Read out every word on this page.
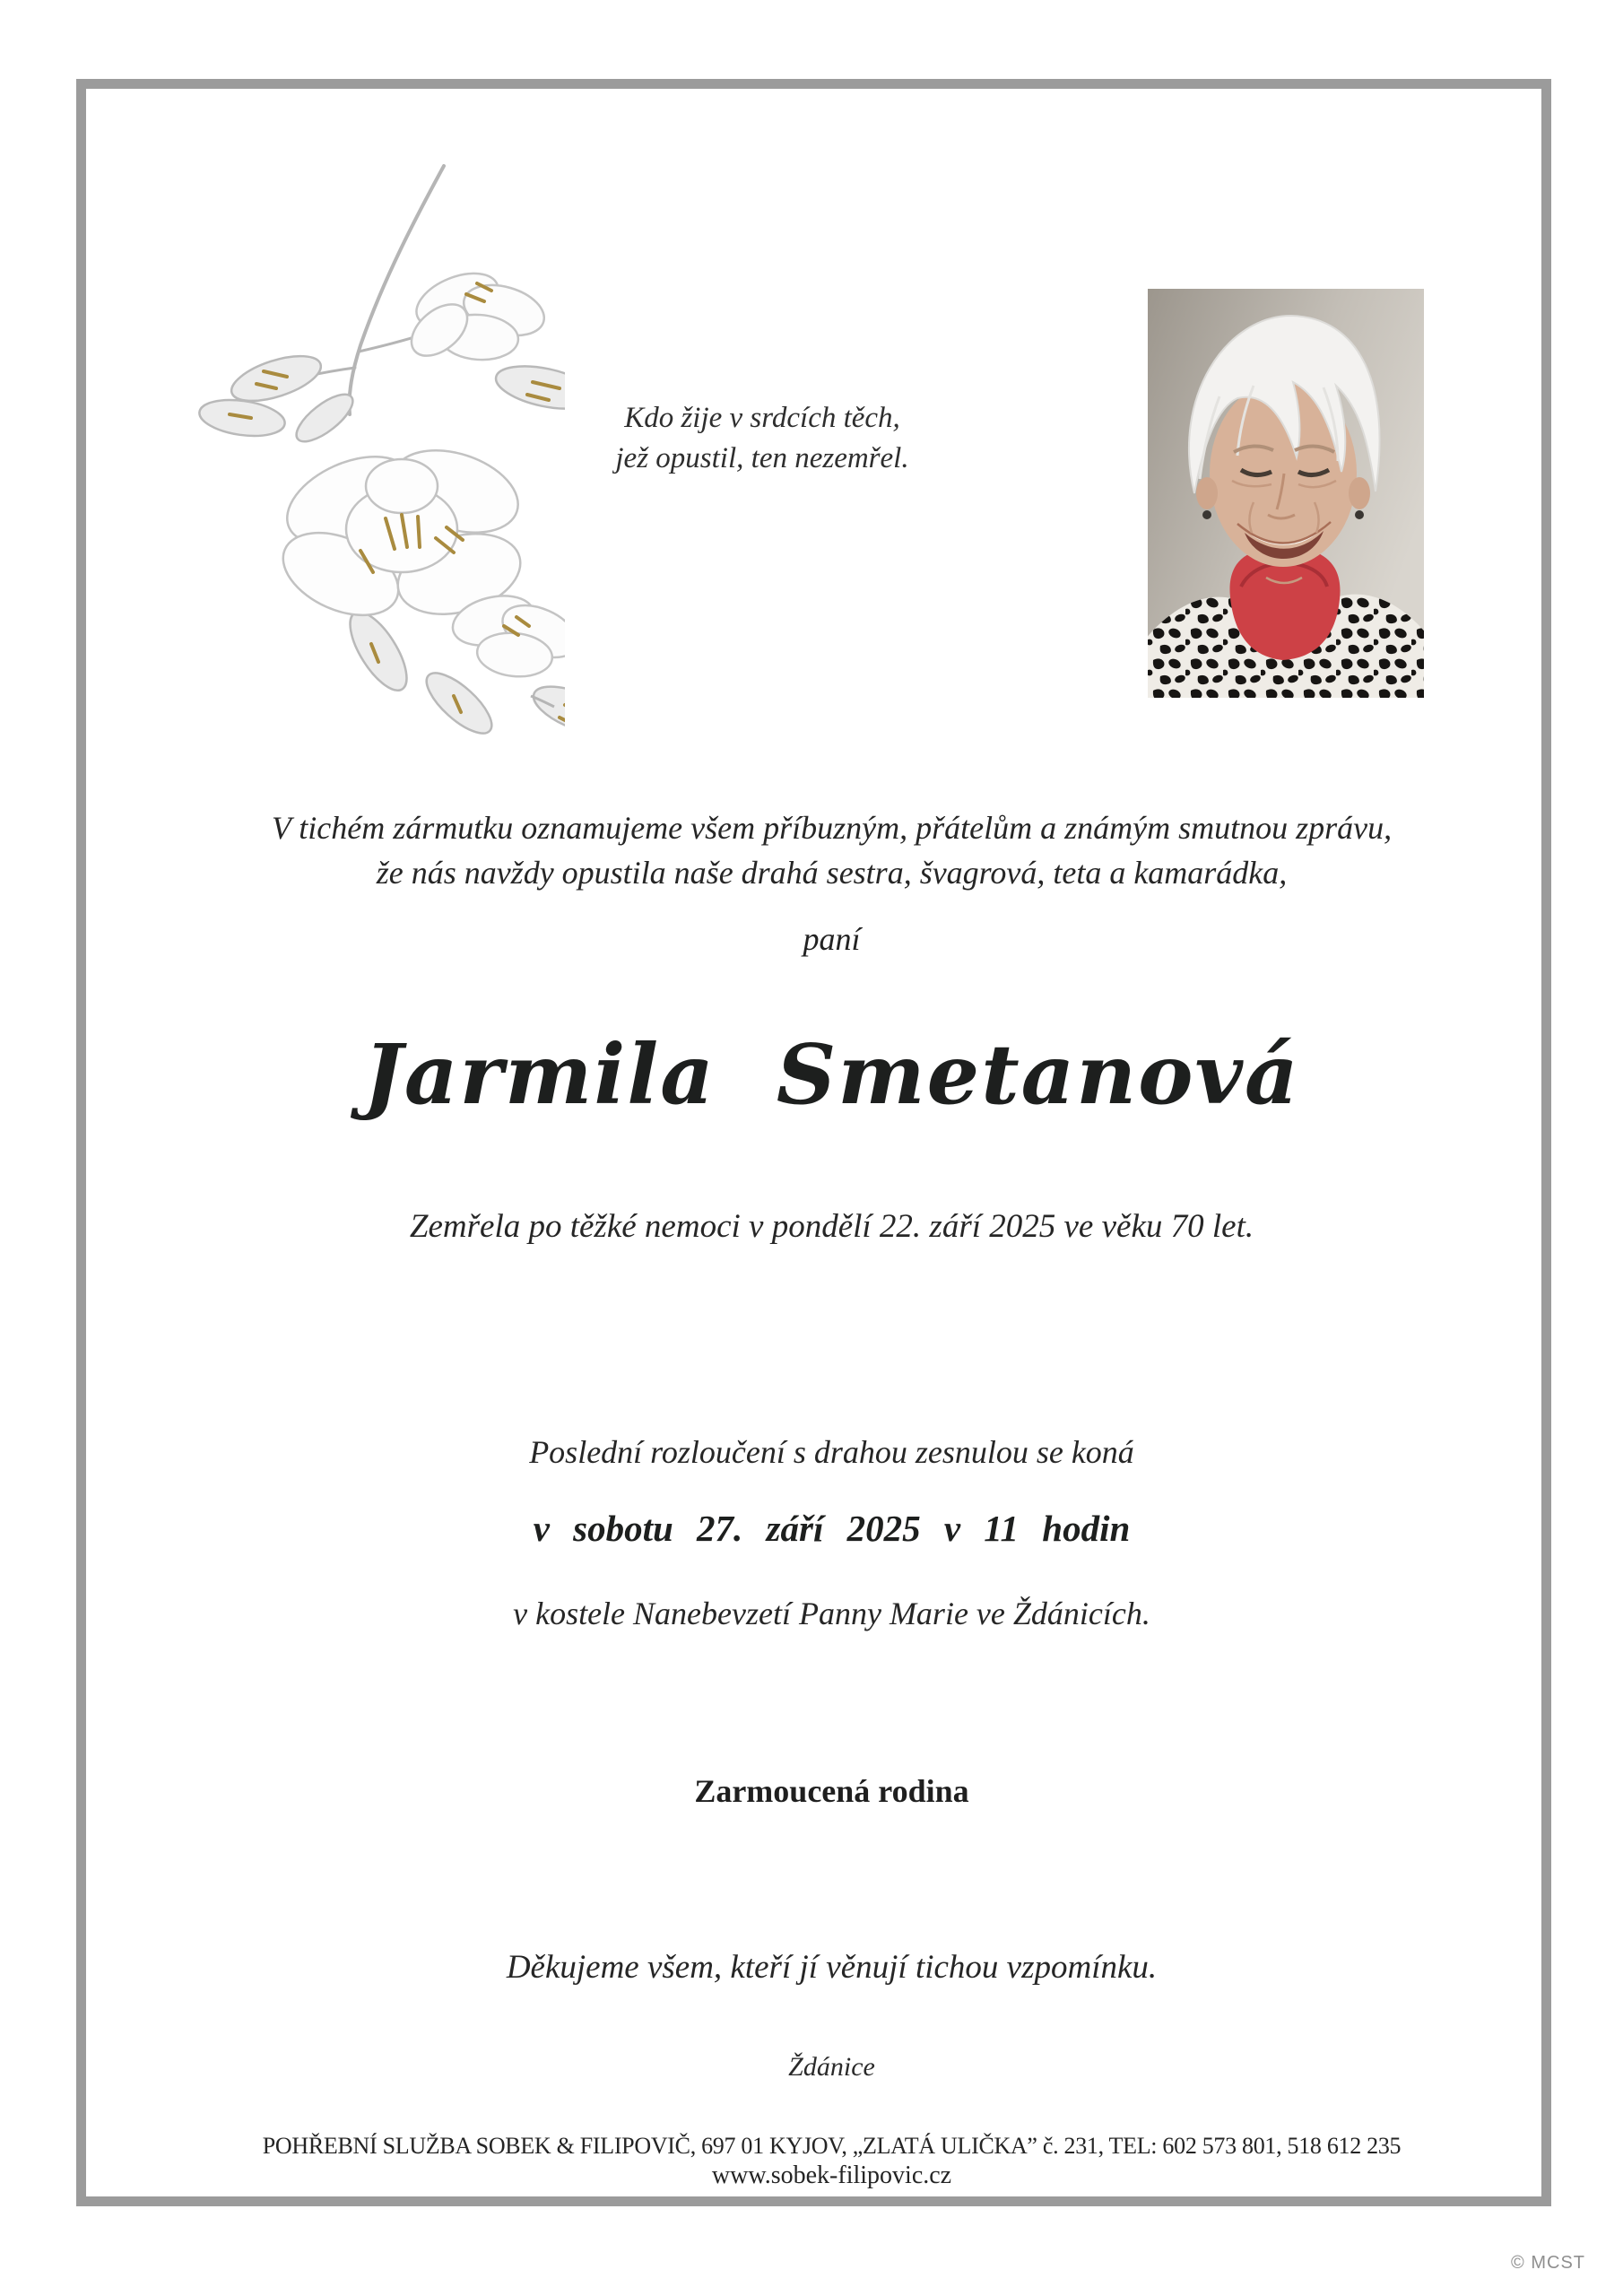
Kdo žije v srdcích těch,
jež opustil, ten nezemřel.
V tichém zármutku oznamujeme všem příbuzným, přátelům a známým smutnou zprávu,
že nás navždy opustila naše drahá sestra, švagrová, teta a kamarádka,
paní
Jarmila Smetanová
Zemřela po těžké nemoci v pondělí 22. září 2025 ve věku 70 let.
Poslední rozloučení s drahou zesnulou se koná
v sobotu 27. září 2025 v 11 hodin
v kostele Nanebevzetí Panny Marie ve Ždánicích.
Zarmoucená rodina
Děkujeme všem, kteří jí věnují tichou vzpomínku.
Ždánice
POHŘEBNÍ SLUŽBA SOBEK & FILIPOVIČ, 697 01 KYJOV, „ZLATÁ ULIČKA” č. 231, TEL: 602 573 801, 518 612 235
www.sobek-filipovic.cz
© MCST
